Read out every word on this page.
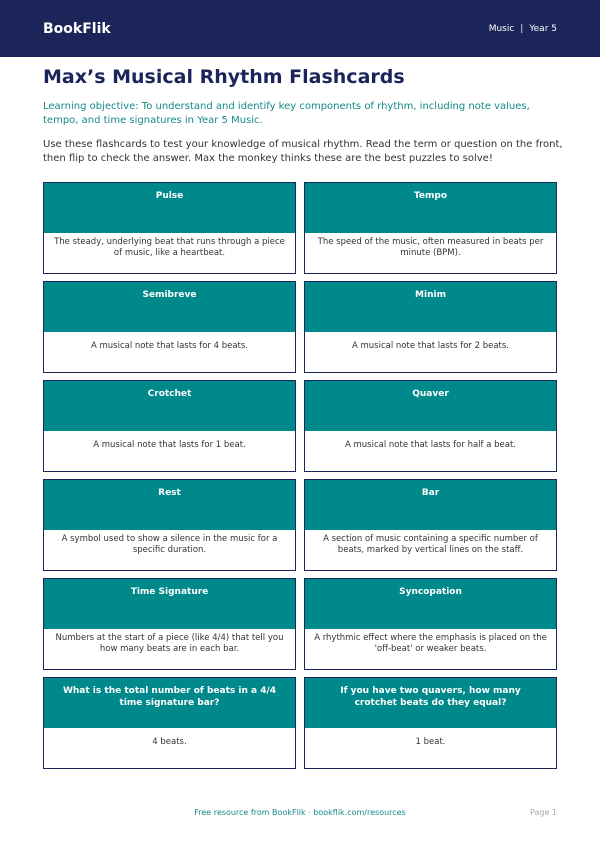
BookFlik	Music | Year 5
Max’s Musical Rhythm Flashcards

Learning objective: To understand and identify key components of rhythm, including note values, tempo, and time signatures in Year 5 Music.

Use these flashcards to test your knowledge of musical rhythm. Read the term or question on the front, then flip to check the answer. Max the monkey thinks these are the best puzzles to solve!

Pulse
The steady, underlying beat that runs through a piece of music, like a heartbeat.
Tempo
The speed of the music, often measured in beats per minute (BPM).
Semibreve
A musical note that lasts for 4 beats.
Minim
A musical note that lasts for 2 beats.
Crotchet
A musical note that lasts for 1 beat.
Quaver
A musical note that lasts for half a beat.
Rest
A symbol used to show a silence in the music for a specific duration.
Bar
A section of music containing a specific number of beats, marked by vertical lines on the staff.
Time Signature
Numbers at the start of a piece (like 4/4) that tell you how many beats are in each bar.
Syncopation
A rhythmic effect where the emphasis is placed on the 'off-beat' or weaker beats.
What is the total number of beats in a 4/4 time signature bar?
4 beats.
If you have two quavers, how many crotchet beats do they equal?
1 beat.
Free resource from BookFlik · bookflik.com/resources	Page 1
